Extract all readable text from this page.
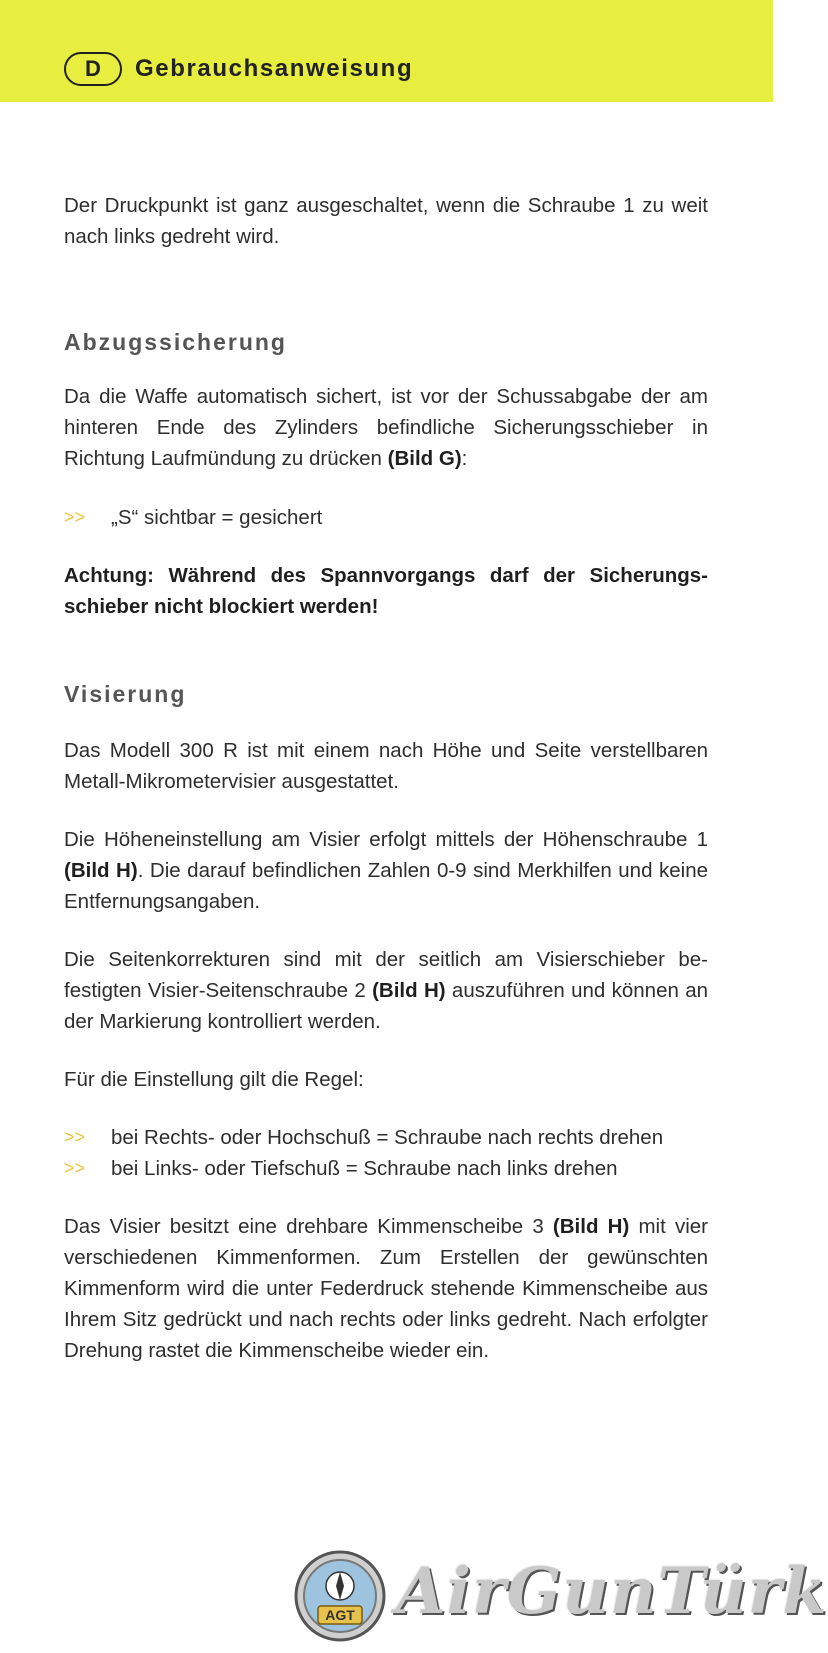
D	Gebrauchsanweisung

Der Druckpunkt ist ganz ausgeschaltet, wenn die Schraube 1 zu weit nach links gedreht wird.

Abzugssicherung

Da die Waffe automatisch sichert, ist vor der Schussabgabe der am hinteren Ende des Zylinders befindliche Sicherungsschieber in Richtung Laufmündung zu drücken (Bild G):

>>	„S“ sichtbar = gesichert

Achtung: Während des Spannvorgangs darf der Sicherungsschieber nicht blockiert werden!

Visierung

Das Modell 300 R ist mit einem nach Höhe und Seite verstellbaren Metall-Mikrometervisier ausgestattet.

Die Höheneinstellung am Visier erfolgt mittels der Höhenschraube 1 (Bild H). Die darauf befindlichen Zahlen 0-9 sind Merkhilfen und keine Entfernungsangaben.

Die Seitenkorrekturen sind mit der seitlich am Visierschieber befestigten Visier-Seitenschraube 2 (Bild H) auszuführen und können an der Markierung kontrolliert werden.

Für die Einstellung gilt die Regel:

>>	bei Rechts- oder Hochschuß = Schraube nach rechts drehen
>>	bei Links- oder Tiefschuß = Schraube nach links drehen

Das Visier besitzt eine drehbare Kimmenscheibe 3 (Bild H) mit vier verschiedenen Kimmenformen. Zum Erstellen der gewünschten Kimmenform wird die unter Federdruck stehende Kimmenscheibe aus Ihrem Sitz gedrückt und nach rechts oder links gedreht. Nach erfolgter Drehung rastet die Kimmenscheibe wieder ein.

AGT AirGunTürk
